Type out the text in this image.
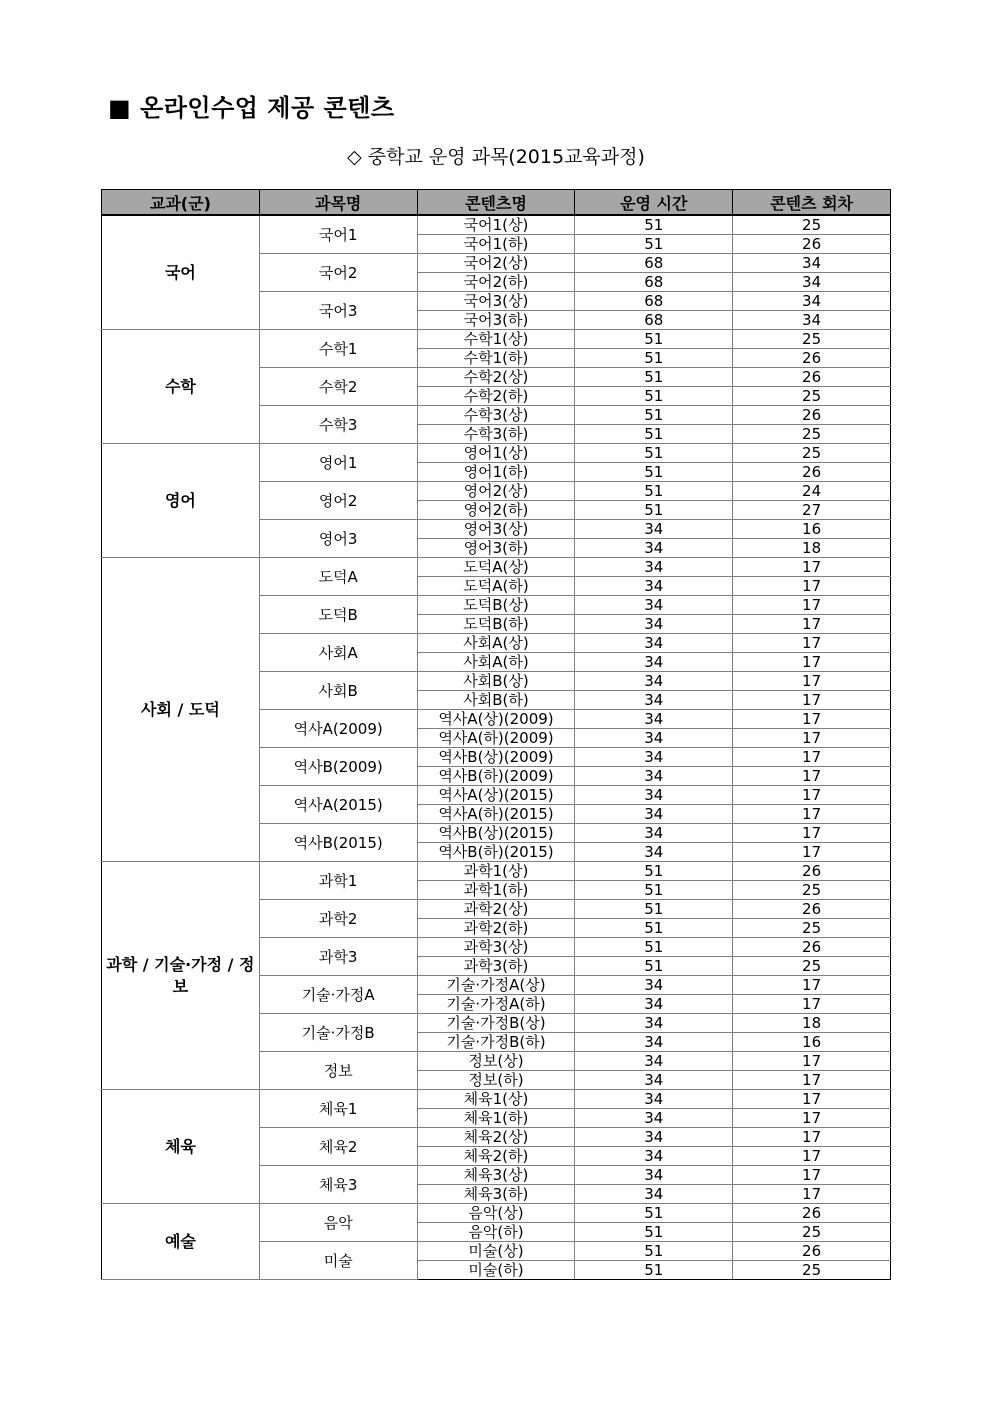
■ 온라인수업 제공 콘텐츠
◇ 중학교 운영 과목(2015교육과정)
교과(군)	과목명	콘텐츠명	운영 시간	콘텐츠 회차
국어	국어1	국어1(상)	51	25
		국어1(하)	51	26
	국어2	국어2(상)	68	34
		국어2(하)	68	34
	국어3	국어3(상)	68	34
		국어3(하)	68	34
수학	수학1	수학1(상)	51	25
		수학1(하)	51	26
	수학2	수학2(상)	51	26
		수학2(하)	51	25
	수학3	수학3(상)	51	26
		수학3(하)	51	25
영어	영어1	영어1(상)	51	25
		영어1(하)	51	26
	영어2	영어2(상)	51	24
		영어2(하)	51	27
	영어3	영어3(상)	34	16
		영어3(하)	34	18
사회 / 도덕	도덕A	도덕A(상)	34	17
		도덕A(하)	34	17
	도덕B	도덕B(상)	34	17
		도덕B(하)	34	17
	사회A	사회A(상)	34	17
		사회A(하)	34	17
	사회B	사회B(상)	34	17
		사회B(하)	34	17
	역사A(2009)	역사A(상)(2009)	34	17
		역사A(하)(2009)	34	17
	역사B(2009)	역사B(상)(2009)	34	17
		역사B(하)(2009)	34	17
	역사A(2015)	역사A(상)(2015)	34	17
		역사A(하)(2015)	34	17
	역사B(2015)	역사B(상)(2015)	34	17
		역사B(하)(2015)	34	17
과학 / 기술·가정 / 정보	과학1	과학1(상)	51	26
		과학1(하)	51	25
	과학2	과학2(상)	51	26
		과학2(하)	51	25
	과학3	과학3(상)	51	26
		과학3(하)	51	25
	기술·가정A	기술·가정A(상)	34	17
		기술·가정A(하)	34	17
	기술·가정B	기술·가정B(상)	34	18
		기술·가정B(하)	34	16
	정보	정보(상)	34	17
		정보(하)	34	17
체육	체육1	체육1(상)	34	17
		체육1(하)	34	17
	체육2	체육2(상)	34	17
		체육2(하)	34	17
	체육3	체육3(상)	34	17
		체육3(하)	34	17
예술	음악	음악(상)	51	26
		음악(하)	51	25
	미술	미술(상)	51	26
		미술(하)	51	25
